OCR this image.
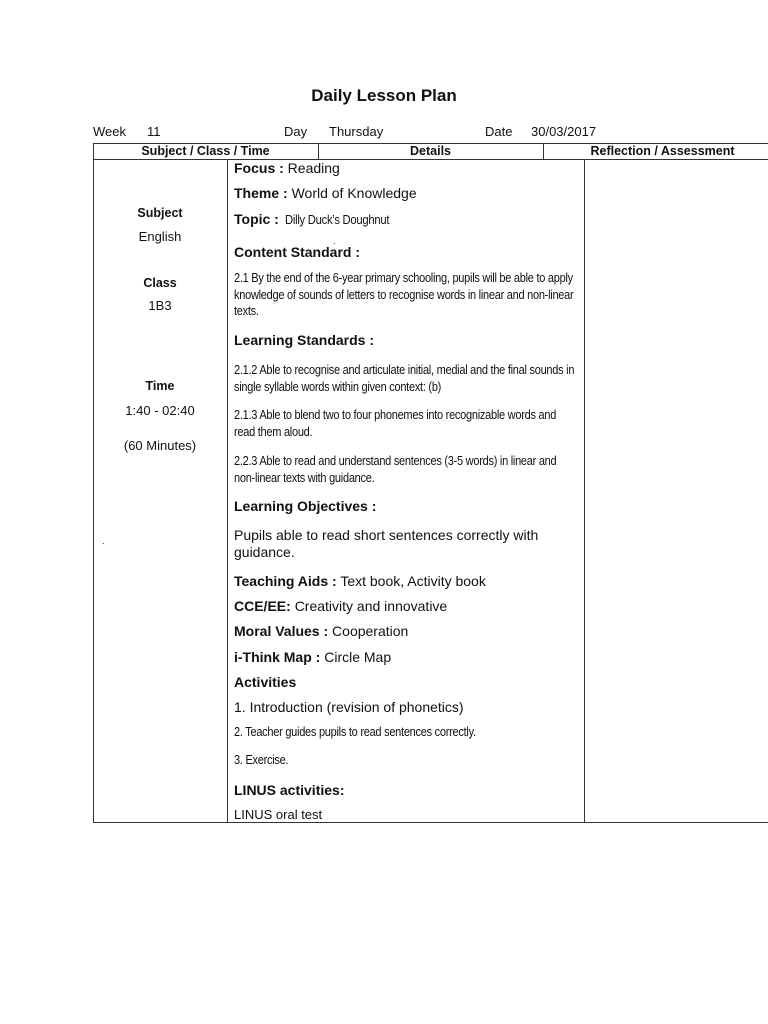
Daily Lesson Plan
Week 11	Day Thursday	Date 30/03/2017
Subject / Class / Time	Details	Reflection / Assessment
Subject
English
Class
1B3
Time
1:40 - 02:40
(60 Minutes)
.
Focus : Reading
Theme : World of Knowledge
Topic : Dilly Duck’s Doughnut
.
Content Standard :
2.1 By the end of the 6-year primary schooling, pupils will be able to apply knowledge of sounds of letters to recognise words in linear and non-linear texts.
Learning Standards :
2.1.2 Able to recognise and articulate initial, medial and the final sounds in single syllable words within given context: (b)
2.1.3 Able to blend two to four phonemes into recognizable words and read them aloud.
2.2.3 Able to read and understand sentences (3-5 words) in linear and non-linear texts with guidance.
Learning Objectives :
Pupils able to read short sentences correctly with guidance.
Teaching Aids : Text book, Activity book
CCE/EE: Creativity and innovative
Moral Values : Cooperation
i-Think Map : Circle Map
Activities
1. Introduction (revision of phonetics)
2. Teacher guides pupils to read sentences correctly.
3. Exercise.
LINUS activities:
LINUS oral test
